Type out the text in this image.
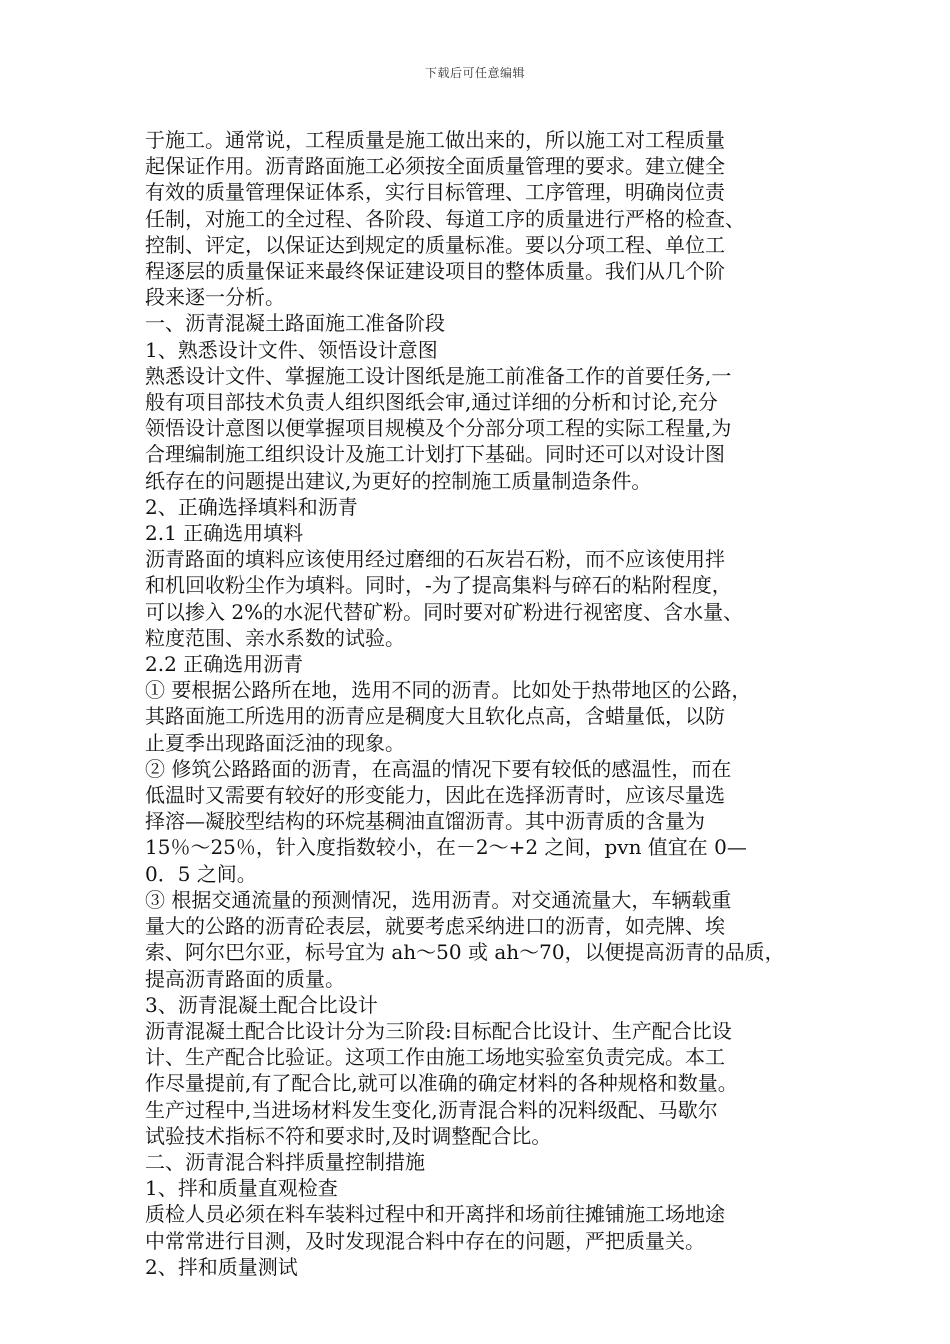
下载后可任意编辑

于施工。通常说，工程质量是施工做出来的，所以施工对工程质量

起保证作用。沥青路面施工必须按全面质量管理的要求。建立健全

有效的质量管理保证体系，实行目标管理、工序管理，明确岗位责

任制，对施工的全过程、各阶段、每道工序的质量进行严格的检查、

控制、评定，以保证达到规定的质量标准。要以分项工程、单位工

程逐层的质量保证来最终保证建设项目的整体质量。我们从几个阶

段来逐一分析。

一、沥青混凝土路面施工准备阶段

1、熟悉设计文件、领悟设计意图

熟悉设计文件、掌握施工设计图纸是施工前准备工作的首要任务,一

般有项目部技术负责人组织图纸会审,通过详细的分析和讨论,充分

领悟设计意图以便掌握项目规模及个分部分项工程的实际工程量,为

合理编制施工组织设计及施工计划打下基础。同时还可以对设计图

纸存在的问题提出建议,为更好的控制施工质量制造条件。

2、正确选择填料和沥青

2.1 正确选用填料

沥青路面的填料应该使用经过磨细的石灰岩石粉，而不应该使用拌

和机回收粉尘作为填料。同时，-为了提高集料与碎石的粘附程度，

可以掺入 2%的水泥代替矿粉。同时要对矿粉进行视密度、含水量、

粒度范围、亲水系数的试验。

2.2 正确选用沥青

① 要根据公路所在地，选用不同的沥青。比如处于热带地区的公路，

其路面施工所选用的沥青应是稠度大且软化点高，含蜡量低，以防

止夏季出现路面泛油的现象。

② 修筑公路路面的沥青，在高温的情况下要有较低的感温性，而在

低温时又需要有较好的形变能力，因此在选择沥青时，应该尽量选

择溶—凝胶型结构的环烷基稠油直馏沥青。其中沥青质的含量为

15％～25％，针入度指数较小，在－2～+2 之间，pvn 值宜在 0—

0．5 之间。

③ 根据交通流量的预测情况，选用沥青。对交通流量大，车辆载重

量大的公路的沥青砼表层，就要考虑采纳进口的沥青，如壳牌、埃

索、阿尔巴尔亚，标号宜为 ah～50 或 ah～70，以便提高沥青的品质，

提高沥青路面的质量。

3、沥青混凝土配合比设计

沥青混凝土配合比设计分为三阶段:目标配合比设计、生产配合比设

计、生产配合比验证。这项工作由施工场地实验室负责完成。本工

作尽量提前,有了配合比,就可以准确的确定材料的各种规格和数量。

生产过程中,当进场材料发生变化,沥青混合料的况料级配、马歇尔

试验技术指标不符和要求时,及时调整配合比。

二、沥青混合料拌质量控制措施

1、拌和质量直观检查

质检人员必须在料车装料过程中和开离拌和场前往摊铺施工场地途

中常常进行目测，及时发现混合料中存在的问题，严把质量关。

2、拌和质量测试
